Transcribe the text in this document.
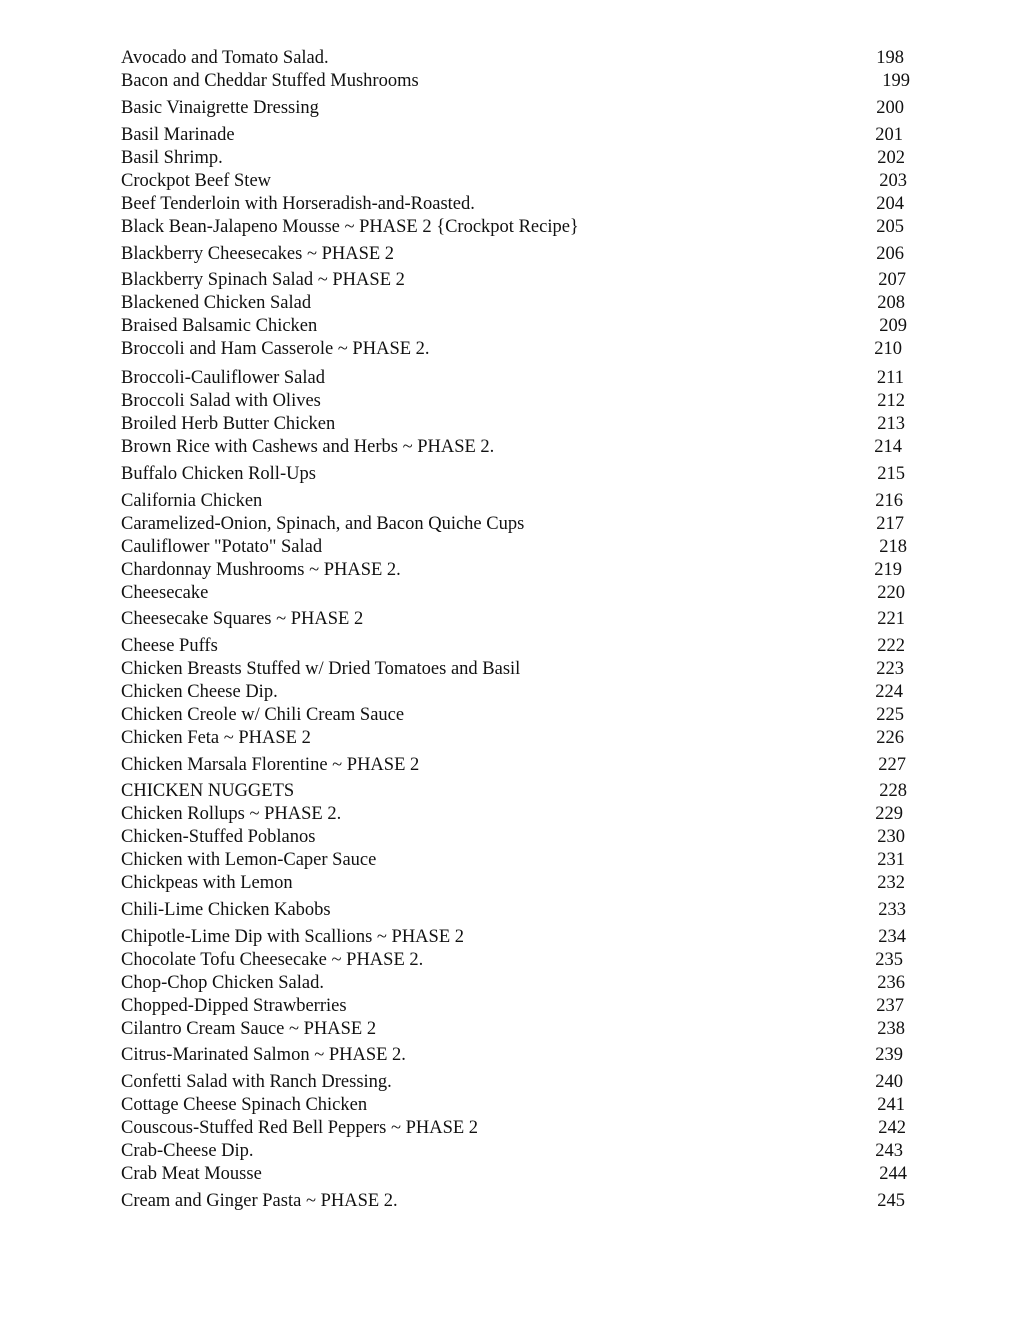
Avocado and Tomato Salad.	198
Bacon and Cheddar Stuffed Mushrooms	199
Basic Vinaigrette Dressing	200
Basil Marinade	201
Basil Shrimp.	202
Crockpot Beef Stew	203
Beef Tenderloin with Horseradish-and-Roasted.	204
Black Bean-Jalapeno Mousse ~ PHASE 2 {Crockpot Recipe}	205
Blackberry Cheesecakes ~ PHASE 2	206
Blackberry Spinach Salad ~ PHASE 2	207
Blackened Chicken Salad	208
Braised Balsamic Chicken	209
Broccoli and Ham Casserole ~ PHASE 2.	210
Broccoli-Cauliflower Salad	211
Broccoli Salad with Olives	212
Broiled Herb Butter Chicken	213
Brown Rice with Cashews and Herbs ~ PHASE 2.	214
Buffalo Chicken Roll-Ups	215
California Chicken	216
Caramelized-Onion, Spinach, and Bacon Quiche Cups	217
Cauliflower "Potato" Salad	218
Chardonnay Mushrooms ~ PHASE 2.	219
Cheesecake	220
Cheesecake Squares ~ PHASE 2	221
Cheese Puffs	222
Chicken Breasts Stuffed w/ Dried Tomatoes and Basil	223
Chicken Cheese Dip.	224
Chicken Creole w/ Chili Cream Sauce	225
Chicken Feta ~ PHASE 2	226
Chicken Marsala Florentine ~ PHASE 2	227
CHICKEN NUGGETS	228
Chicken Rollups ~ PHASE 2.	229
Chicken-Stuffed Poblanos	230
Chicken with Lemon-Caper Sauce	231
Chickpeas with Lemon	232
Chili-Lime Chicken Kabobs	233
Chipotle-Lime Dip with Scallions ~ PHASE 2	234
Chocolate Tofu Cheesecake ~ PHASE 2.	235
Chop-Chop Chicken Salad.	236
Chopped-Dipped Strawberries	237
Cilantro Cream Sauce ~ PHASE 2	238
Citrus-Marinated Salmon ~ PHASE 2.	239
Confetti Salad with Ranch Dressing.	240
Cottage Cheese Spinach Chicken	241
Couscous-Stuffed Red Bell Peppers ~ PHASE 2	242
Crab-Cheese Dip.	243
Crab Meat Mousse	244
Cream and Ginger Pasta ~ PHASE 2.	245
